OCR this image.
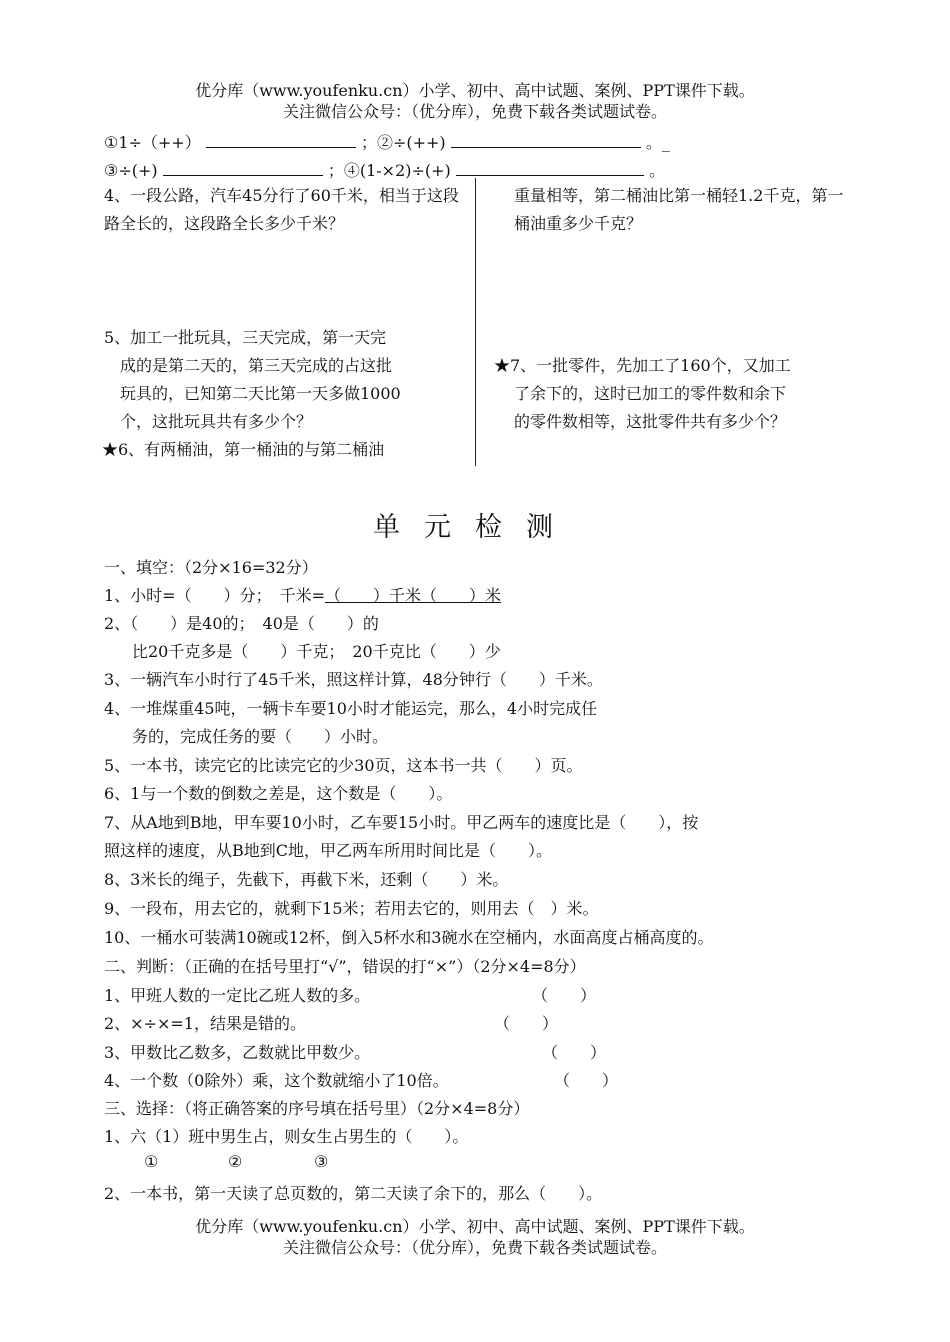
优分库（www.youfenku.cn）小学、初中、高中试题、案例、PPT课件下载。
关注微信公众号：（优分库），免费下载各类试题试卷。
①1÷（++）	；②÷(++)	。_
③÷(+)	；④(1-×2)÷(+)	。

4、一段公路，汽车45分行了60千米，相当于这段路全长的，这段路全长多少千米？

5、加工一批玩具，三天完成，第一天完

成的是第二天的，第三天完成的占这批

玩具的，已知第二天比第一天多做1000

个，这批玩具共有多少个？

★6、有两桶油，第一桶油的与第二桶油

重量相等，第二桶油比第一桶轻1.2千克，第一桶油重多少千克？

★7、一批零件，先加工了160个，又加工

了余下的，这时已加工的零件数和余下

的零件数相等，这批零件共有多少个？

单元检测
一、填空：（2分×16=32分）
1、小时=（　　）分；　千米=（　　）千米（　　）米
2、（　　）是40的；　40是（　　）的
比20千克多是（　　）千克；　20千克比（　　）少
3、一辆汽车小时行了45千米，照这样计算，48分钟行（　　）千米。
4、一堆煤重45吨，一辆卡车要10小时才能运完，那么，4小时完成任
务的，完成任务的要（　　）小时。
5、一本书，读完它的比读完它的少30页，这本书一共（　　）页。
6、1与一个数的倒数之差是，这个数是（　　）。
7、从A地到B地，甲车要10小时，乙车要15小时。甲乙两车的速度比是（　　），按
照这样的速度，从B地到C地，甲乙两车所用时间比是（　　）。
8、3米长的绳子，先截下，再截下米，还剩（　　）米。
9、一段布，用去它的，就剩下15米；若用去它的，则用去（　）米。
10、一桶水可装满10碗或12杯，倒入5杯水和3碗水在空桶内，水面高度占桶高度的。
二、判断：（正确的在括号里打“√”，错误的打“×”）（2分×4=8分）
1、甲班人数的一定比乙班人数的多。	（　　）
2、×÷×=1，结果是错的。	（　　）
3、甲数比乙数多，乙数就比甲数少。	（　　）
4、一个数（0除外）乘，这个数就缩小了10倍。	（　　）
三、选择：（将正确答案的序号填在括号里）（2分×4=8分）
1、六（1）班中男生占，则女生占男生的（　　）。
①	②	③
2、一本书，第一天读了总页数的，第二天读了余下的，那么（　　）。
优分库（www.youfenku.cn）小学、初中、高中试题、案例、PPT课件下载。
关注微信公众号：（优分库），免费下载各类试题试卷。
